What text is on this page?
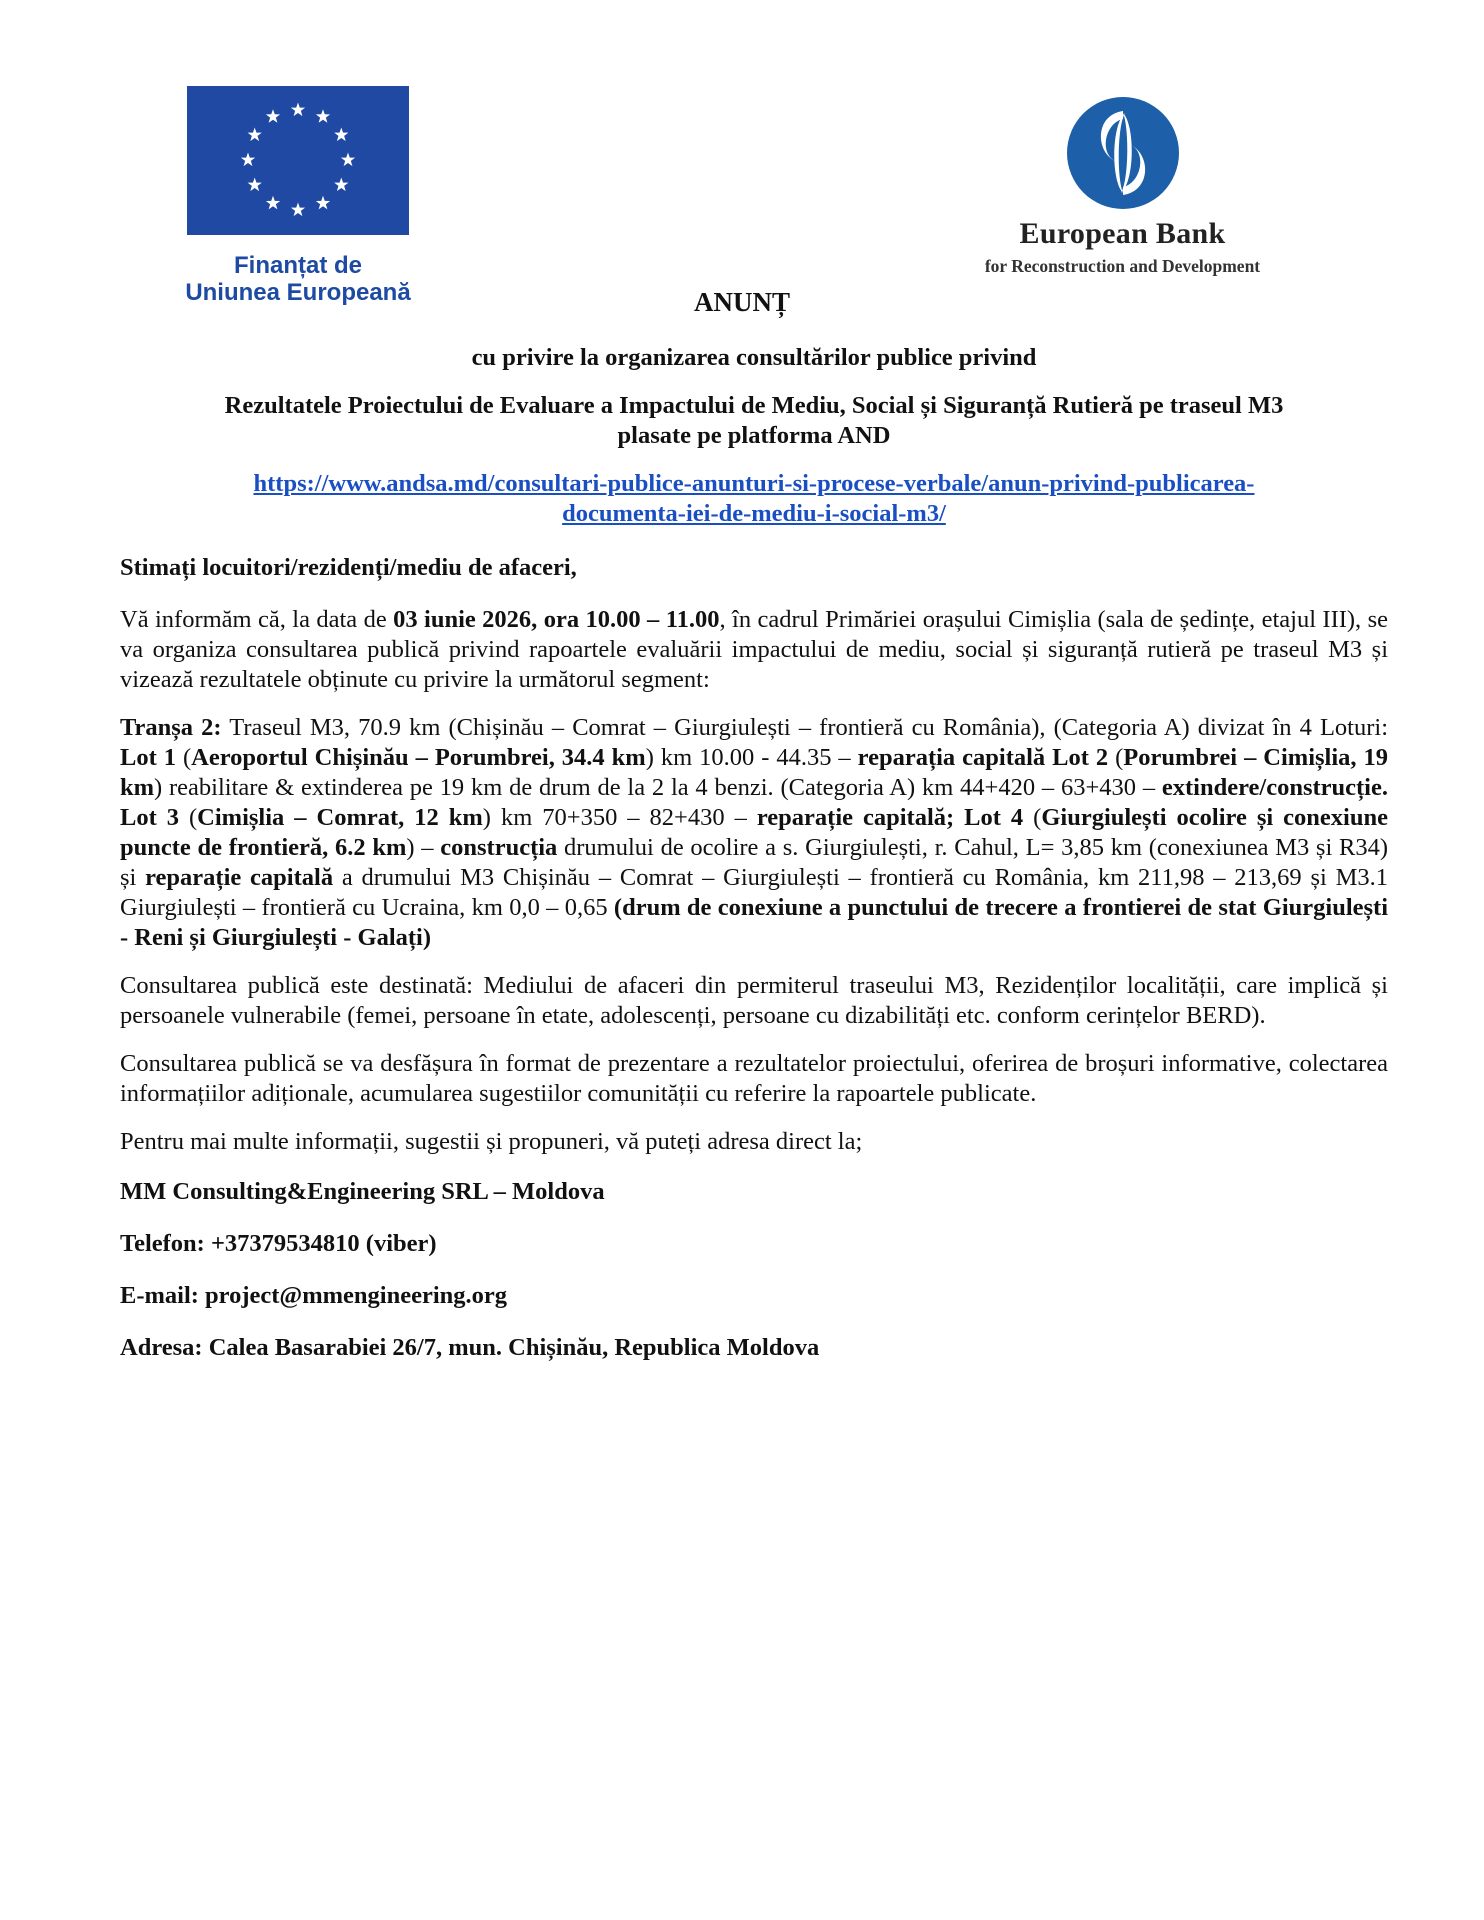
Finanțat de
Uniunea Europeană
European Bank
for Reconstruction and Development
ANUNȚ
cu privire la organizarea consultărilor publice privind
Rezultatele Proiectului de Evaluare a Impactului de Mediu, Social și Siguranță Rutieră pe traseul M3
plasate pe platforma AND
https://www.andsa.md/consultari-publice-anunturi-si-procese-verbale/anun-privind-publicarea-
documenta-iei-de-mediu-i-social-m3/
Stimați locuitori/rezidenți/mediu de afaceri,

Vă informăm că, la data de 03 iunie 2026, ora 10.00 – 11.00, în cadrul Primăriei orașului Cimișlia (sala de ședințe, etajul III), se va organiza consultarea publică privind rapoartele evaluării impactului de mediu, social și siguranță rutieră pe traseul M3 și vizează rezultatele obținute cu privire la următorul segment:

Tranșa 2: Traseul M3, 70.9 km (Chișinău – Comrat – Giurgiulești – frontieră cu România), (Categoria A) divizat în 4 Loturi: Lot 1 (Aeroportul Chișinău – Porumbrei, 34.4 km) km 10.00 - 44.35 – reparația capitală Lot 2 (Porumbrei – Cimișlia, 19 km) reabilitare & extinderea pe 19 km de drum de la 2 la 4 benzi. (Categoria A) km 44+420 – 63+430 – extindere/construcție. Lot 3 (Cimișlia – Comrat, 12 km) km 70+350 – 82+430 – reparație capitală; Lot 4 (Giurgiulești ocolire și conexiune puncte de frontieră, 6.2 km) – construcția drumului de ocolire a s. Giurgiulești, r. Cahul, L= 3,85 km (conexiunea M3 și R34) și reparație capitală a drumului M3 Chișinău – Comrat – Giurgiulești – frontieră cu România, km 211,98 – 213,69 și M3.1 Giurgiulești – frontieră cu Ucraina, km 0,0 – 0,65 (drum de conexiune a punctului de trecere a frontierei de stat Giurgiulești - Reni și Giurgiulești - Galați)

Consultarea publică este destinată: Mediului de afaceri din permiterul traseului M3, Rezidenților localității, care implică și persoanele vulnerabile (femei, persoane în etate, adolescenți, persoane cu dizabilități etc. conform cerințelor BERD).

Consultarea publică se va desfășura în format de prezentare a rezultatelor proiectului, oferirea de broșuri informative, colectarea informațiilor adiționale, acumularea sugestiilor comunității cu referire la rapoartele publicate.

Pentru mai multe informații, sugestii și propuneri, vă puteți adresa direct la;

MM Consulting&Engineering SRL – Moldova
Telefon: +37379534810 (viber)
E-mail: project@mmengineering.org
Adresa: Calea Basarabiei 26/7, mun. Chișinău, Republica Moldova
